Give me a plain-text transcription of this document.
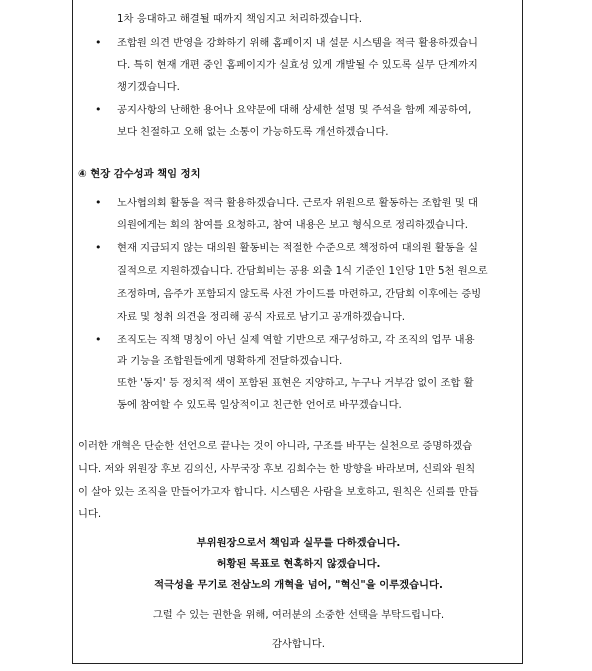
1차 응대하고 해결될 때까지 책임지고 처리하겠습니다.
• 조합원 의견 반영을 강화하기 위해 홈페이지 내 설문 시스템을 적극 활용하겠습니
다. 특히 현재 개편 중인 홈페이지가 실효성 있게 개발될 수 있도록 실무 단계까지
챙기겠습니다.
• 공지사항의 난해한 용어나 요약문에 대해 상세한 설명 및 주석을 함께 제공하여,
보다 친절하고 오해 없는 소통이 가능하도록 개선하겠습니다.
④ 현장 감수성과 책임 정치
• 노사협의회 활동을 적극 활용하겠습니다. 근로자 위원으로 활동하는 조합원 및 대
의원에게는 회의 참여를 요청하고, 참여 내용은 보고 형식으로 정리하겠습니다.
• 현재 지급되지 않는 대의원 활동비는 적절한 수준으로 책정하여 대의원 활동을 실
질적으로 지원하겠습니다. 간담회비는 공용 외출 1식 기준인 1인당 1만 5천 원으로
조정하며, 음주가 포함되지 않도록 사전 가이드를 마련하고, 간담회 이후에는 증빙
자료 및 청취 의견을 정리해 공식 자료로 남기고 공개하겠습니다.
• 조직도는 직책 명칭이 아닌 실제 역할 기반으로 재구성하고, 각 조직의 업무 내용
과 기능을 조합원들에게 명확하게 전달하겠습니다.
또한 '동지' 등 정치적 색이 포함된 표현은 지양하고, 누구나 거부감 없이 조합 활
동에 참여할 수 있도록 일상적이고 친근한 언어로 바꾸겠습니다.
이러한 개혁은 단순한 선언으로 끝나는 것이 아니라, 구조를 바꾸는 실천으로 증명하겠습
니다. 저와 위원장 후보 김의신, 사무국장 후보 김희수는 한 방향을 바라보며, 신뢰와 원칙
이 살아 있는 조직을 만들어가고자 합니다. 시스템은 사람을 보호하고, 원칙은 신뢰를 만듭
니다.
부위원장으로서 책임과 실무를 다하겠습니다.
허황된 목표로 현혹하지 않겠습니다.
적극성을 무기로 전삼노의 개혁을 넘어, "혁신"을 이루겠습니다.
그럴 수 있는 권한을 위해, 여러분의 소중한 선택을 부탁드립니다.
감사합니다.
